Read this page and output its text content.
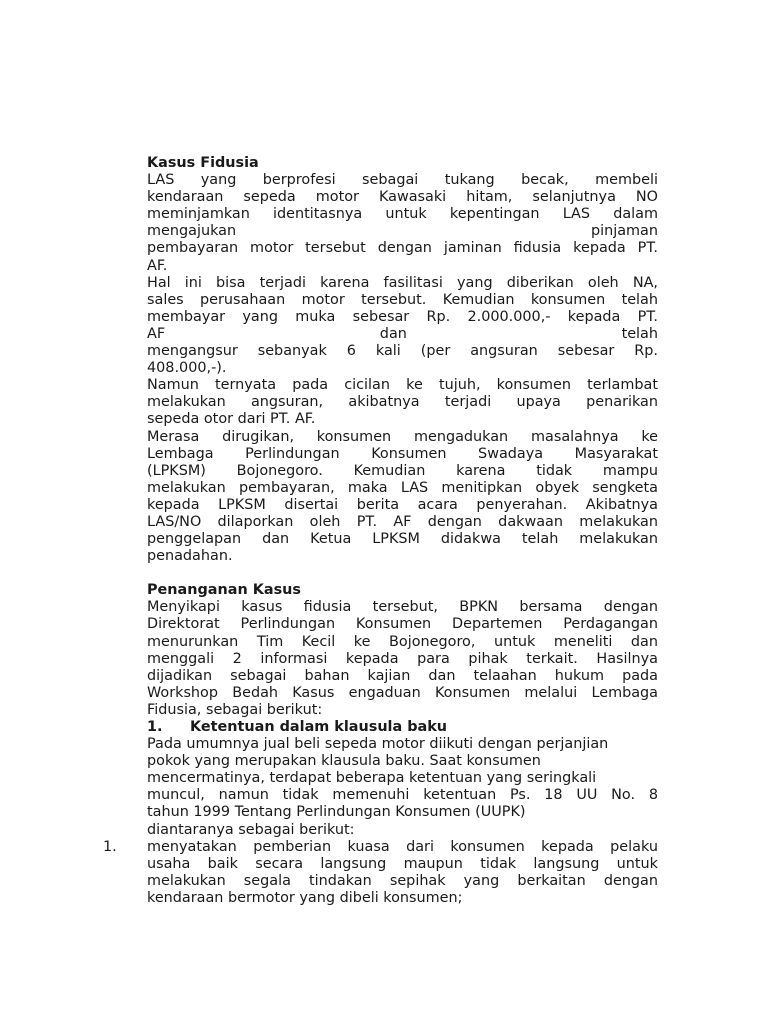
Kasus Fidusia

LAS yang berprofesi sebagai tukang becak, membeli

kendaraan sepeda motor Kawasaki hitam, selanjutnya NO

meminjamkan identitasnya untuk kepentingan LAS dalam

mengajukan pinjaman

pembayaran motor tersebut dengan jaminan fidusia kepada PT.

AF.

Hal ini bisa terjadi karena fasilitasi yang diberikan oleh NA,

sales perusahaan motor tersebut. Kemudian konsumen telah

membayar yang muka sebesar Rp. 2.000.000,- kepada PT.

AF dan telah

mengangsur sebanyak 6 kali (per angsuran sebesar Rp.

408.000,-).

Namun ternyata pada cicilan ke tujuh, konsumen terlambat

melakukan angsuran, akibatnya terjadi upaya penarikan

sepeda otor dari PT. AF.

Merasa dirugikan, konsumen mengadukan masalahnya ke

Lembaga Perlindungan Konsumen Swadaya Masyarakat

(LPKSM) Bojonegoro. Kemudian karena tidak mampu

melakukan pembayaran, maka LAS menitipkan obyek sengketa

kepada LPKSM disertai berita acara penyerahan. Akibatnya

LAS/NO dilaporkan oleh PT. AF dengan dakwaan melakukan

penggelapan dan Ketua LPKSM didakwa telah melakukan

penadahan.

Penanganan Kasus

Menyikapi kasus fidusia tersebut, BPKN bersama dengan

Direktorat Perlindungan Konsumen Departemen Perdagangan

menurunkan Tim Kecil ke Bojonegoro, untuk meneliti dan

menggali 2 informasi kepada para pihak terkait. Hasilnya

dijadikan sebagai bahan kajian dan telaahan hukum pada

Workshop Bedah Kasus engaduan Konsumen melalui Lembaga

Fidusia, sebagai berikut:

1.	Ketentuan dalam klausula baku

Pada umumnya jual beli sepeda motor diikuti dengan perjanjian

pokok yang merupakan klausula baku. Saat konsumen

mencermatinya, terdapat beberapa ketentuan yang seringkali

muncul, namun tidak memenuhi ketentuan Ps. 18 UU No. 8

tahun 1999 Tentang Perlindungan Konsumen (UUPK)

diantaranya sebagai berikut:

1. menyatakan pemberian kuasa dari konsumen kepada pelaku

usaha baik secara langsung maupun tidak langsung untuk

melakukan segala tindakan sepihak yang berkaitan dengan

kendaraan bermotor yang dibeli konsumen;
